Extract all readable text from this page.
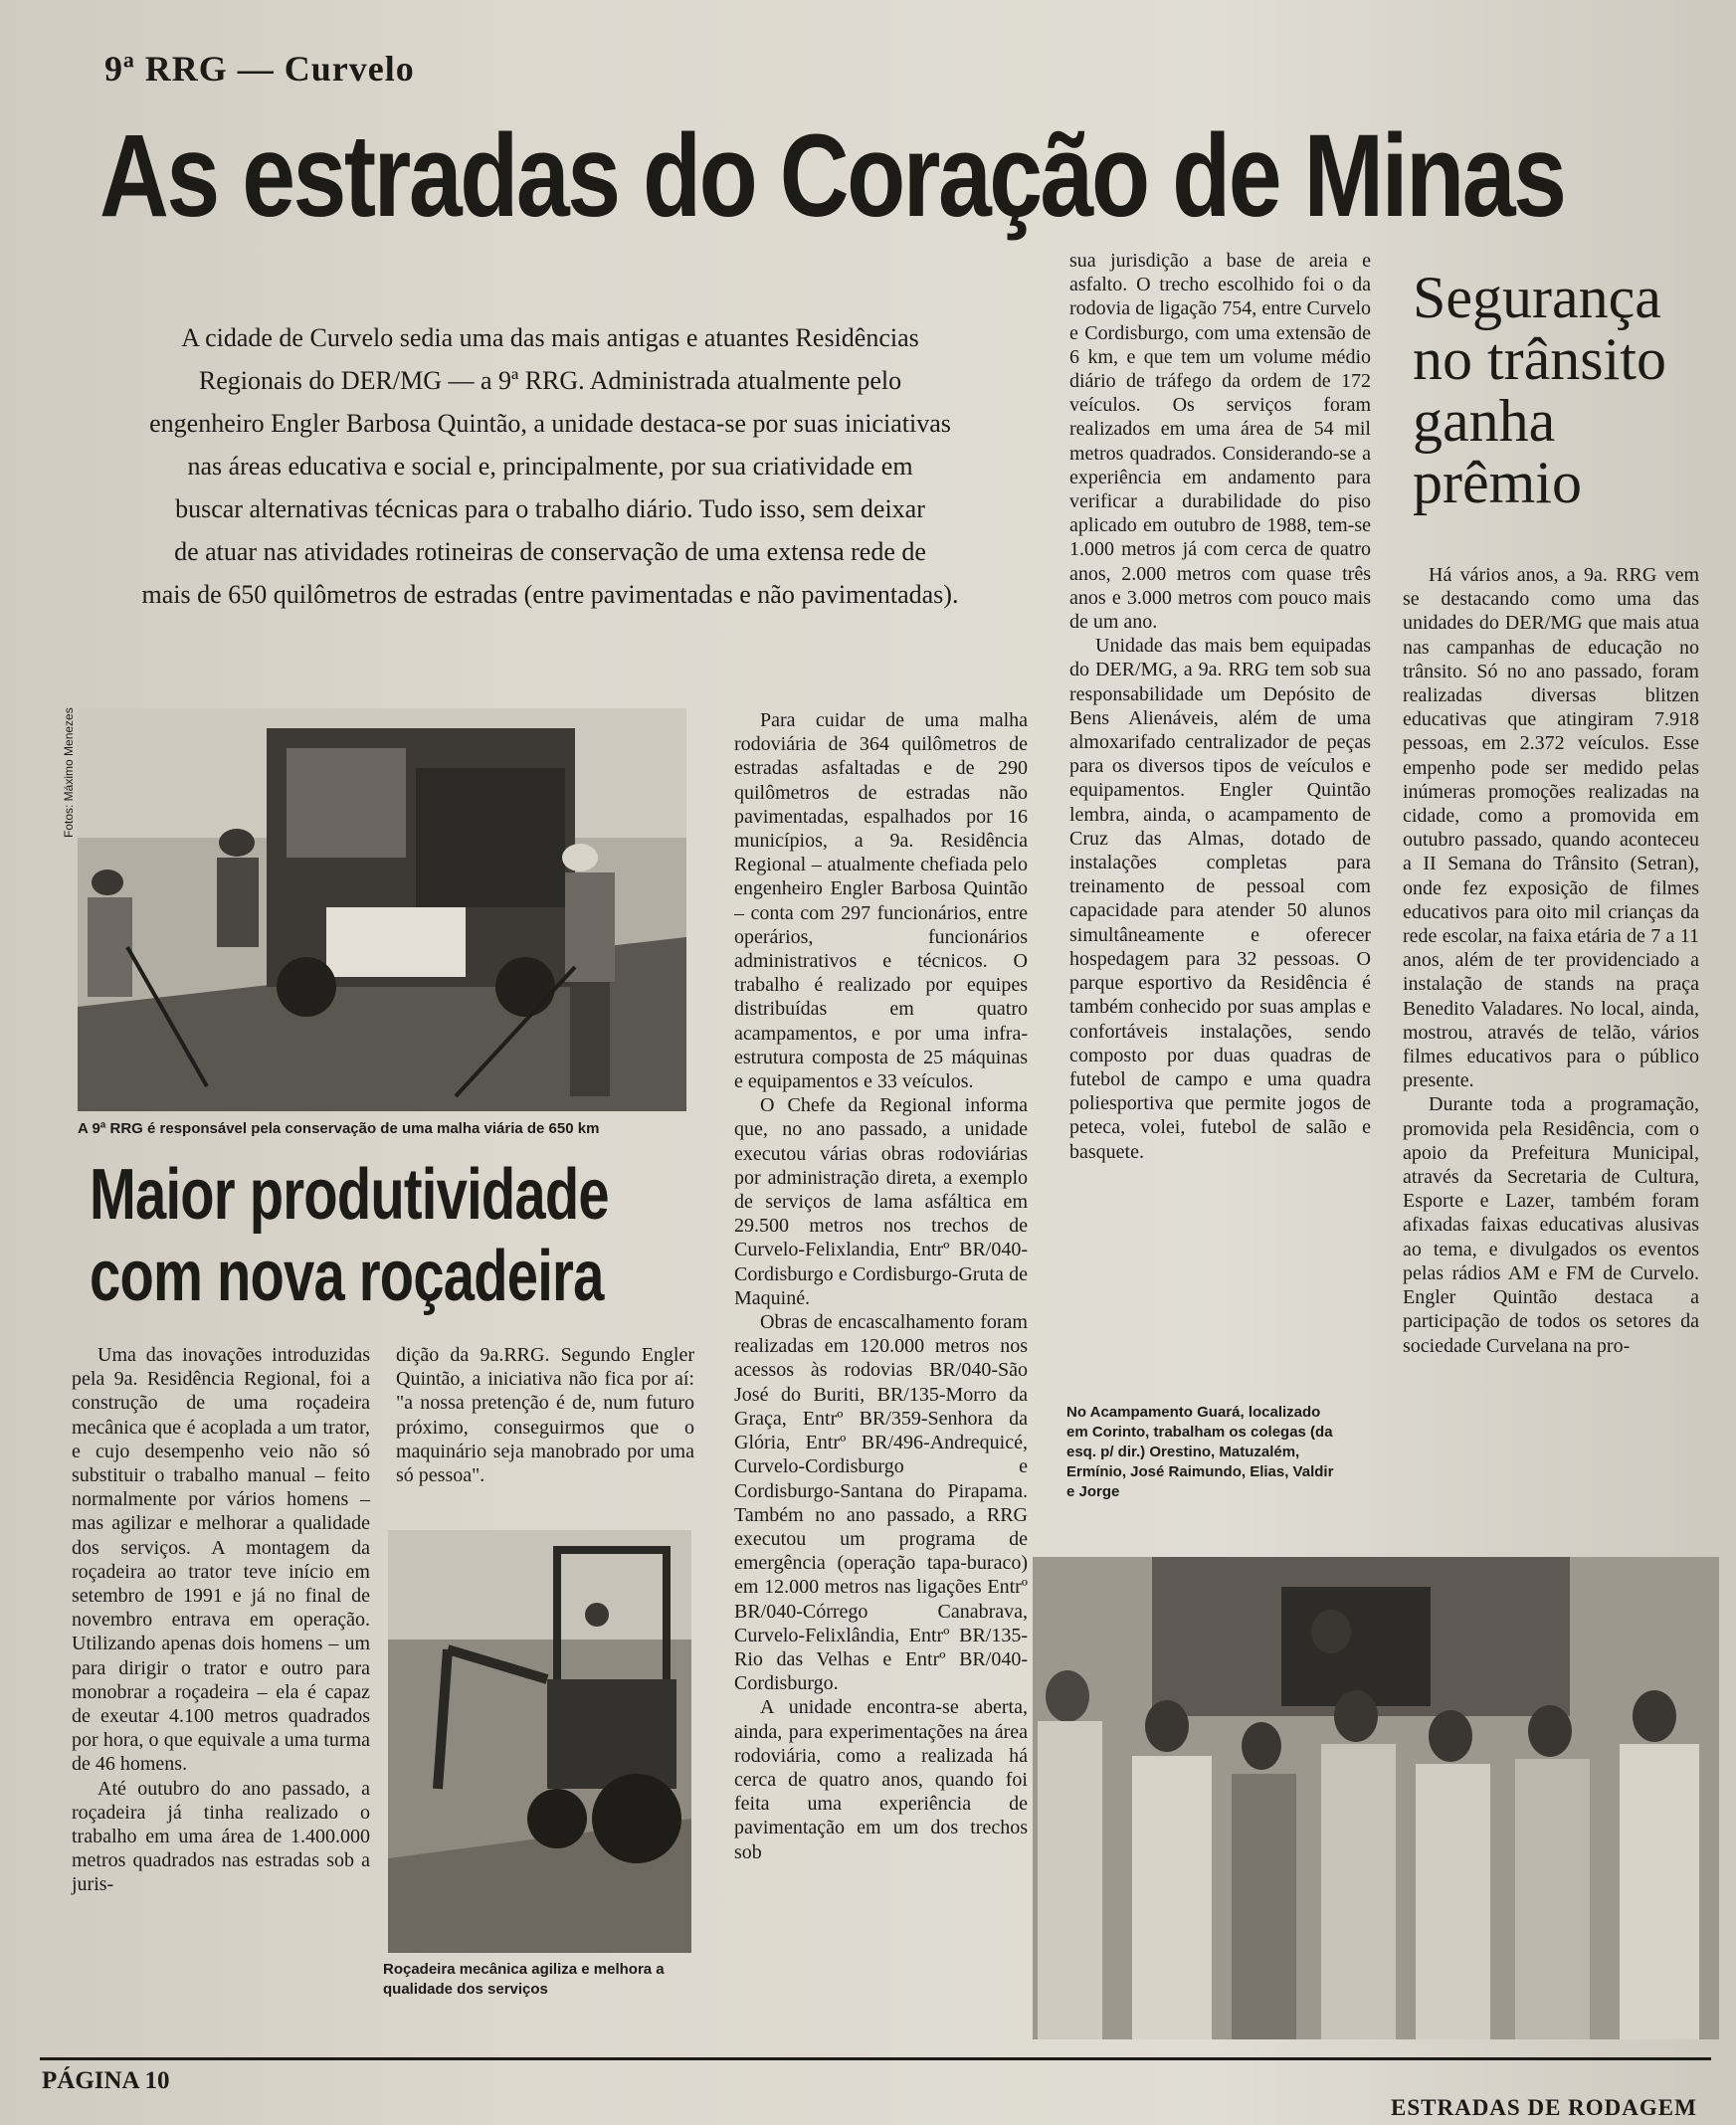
9ª RRG — Curvelo
As estradas do Coração de Minas

A cidade de Curvelo sedia uma das mais antigas e atuantes Residências

Regionais do DER/MG — a 9ª RRG. Administrada atualmente pelo

engenheiro Engler Barbosa Quintão, a unidade destaca-se por suas iniciativas

nas áreas educativa e social e, principalmente, por sua criatividade em

buscar alternativas técnicas para o trabalho diário. Tudo isso, sem deixar

de atuar nas atividades rotineiras de conservação de uma extensa rede de

mais de 650 quilômetros de estradas (entre pavimentadas e não pavimentadas).

Fotos: Máximo Menezes
A 9ª RRG é responsável pela conservação de uma malha viária de 650 km
Maior produtividade
com nova roçadeira

Uma das inovações introduzidas pela 9a. Residência Regional, foi a construção de uma roçadeira mecânica que é acoplada a um trator, e cujo desempenho veio não só substituir o trabalho manual – feito normalmente por vários homens – mas agilizar e melhorar a qualidade dos serviços. A montagem da roçadeira ao trator teve início em setembro de 1991 e já no final de novembro entrava em operação. Utilizando apenas dois homens – um para dirigir o trator e outro para monobrar a roçadeira – ela é capaz de exeutar 4.100 metros quadrados por hora, o que equivale a uma turma de 46 homens.

Até outubro do ano passado, a roçadeira já tinha realizado o trabalho em uma área de 1.400.000 metros quadrados nas estradas sob a juris-

dição da 9a.RRG. Segundo Engler Quintão, a iniciativa não fica por aí: "a nossa pretenção é de, num futuro próximo, conseguirmos que o maquinário seja manobrado por uma só pessoa".

Roçadeira mecânica agiliza e melhora a qualidade dos serviços

Para cuidar de uma malha rodoviária de 364 quilômetros de estradas asfaltadas e de 290 quilômetros de estradas não pavimentadas, espalhados por 16 municípios, a 9a. Residência Regional – atualmente chefiada pelo engenheiro Engler Barbosa Quintão – conta com 297 funcionários, entre operários, funcionários administrativos e técnicos. O trabalho é realizado por equipes distribuídas em quatro acampamentos, e por uma infra-estrutura composta de 25 máquinas e equipamentos e 33 veículos.

O Chefe da Regional informa que, no ano passado, a unidade executou várias obras rodoviárias por administração direta, a exemplo de serviços de lama asfáltica em 29.500 metros nos trechos de Curvelo-Felixlandia, Entrº BR/040-Cordisburgo e Cordisburgo-Gruta de Maquiné.

Obras de encascalhamento foram realizadas em 120.000 metros nos acessos às rodovias BR/040-São José do Buriti, BR/135-Morro da Graça, Entrº BR/359-Senhora da Glória, Entrº BR/496-Andrequicé, Curvelo-Cordisburgo e Cordisburgo-Santana do Pirapama. Também no ano passado, a RRG executou um programa de emergência (operação tapa-buraco) em 12.000 metros nas ligações Entrº BR/040-Córrego Canabrava, Curvelo-Felixlândia, Entrº BR/135-Rio das Velhas e Entrº BR/040-Cordisburgo.

A unidade encontra-se aberta, ainda, para experimentações na área rodoviária, como a realizada há cerca de quatro anos, quando foi feita uma experiência de pavimentação em um dos trechos sob

sua jurisdição a base de areia e asfalto. O trecho escolhido foi o da rodovia de ligação 754, entre Curvelo e Cordisburgo, com uma extensão de 6 km, e que tem um volume médio diário de tráfego da ordem de 172 veículos. Os serviços foram realizados em uma área de 54 mil metros quadrados. Considerando-se a experiência em andamento para verificar a durabilidade do piso aplicado em outubro de 1988, tem-se 1.000 metros já com cerca de quatro anos, 2.000 metros com quase três anos e 3.000 metros com pouco mais de um ano.

Unidade das mais bem equipadas do DER/MG, a 9a. RRG tem sob sua responsabilidade um Depósito de Bens Alienáveis, além de uma almoxarifado centralizador de peças para os diversos tipos de veículos e equipamentos. Engler Quintão lembra, ainda, o acampamento de Cruz das Almas, dotado de instalações completas para treinamento de pessoal com capacidade para atender 50 alunos simultâneamente e oferecer hospedagem para 32 pessoas. O parque esportivo da Residência é também conhecido por suas amplas e confortáveis instalações, sendo composto por duas quadras de futebol de campo e uma quadra poliesportiva que permite jogos de peteca, volei, futebol de salão e basquete.

No Acampamento Guará, localizado em Corinto, trabalham os colegas (da esq. p/ dir.) Orestino, Matuzalém, Ermínio, José Raimundo, Elias, Valdir e Jorge
Segurança
no trânsito
ganha
prêmio

Há vários anos, a 9a. RRG vem se destacando como uma das unidades do DER/MG que mais atua nas campanhas de educação no trânsito. Só no ano passado, foram realizadas diversas blitzen educativas que atingiram 7.918 pessoas, em 2.372 veículos. Esse empenho pode ser medido pelas inúmeras promoções realizadas na cidade, como a promovida em outubro passado, quando aconteceu a II Semana do Trânsito (Setran), onde fez exposição de filmes educativos para oito mil crianças da rede escolar, na faixa etária de 7 a 11 anos, além de ter providenciado a instalação de stands na praça Benedito Valadares. No local, ainda, mostrou, através de telão, vários filmes educativos para o público presente.

Durante toda a programação, promovida pela Residência, com o apoio da Prefeitura Municipal, através da Secretaria de Cultura, Esporte e Lazer, também foram afixadas faixas educativas alusivas ao tema, e divulgados os eventos pelas rádios AM e FM de Curvelo. Engler Quintão destaca a participação de todos os setores da sociedade Curvelana na pro-

PÁGINA 10
ESTRADAS DE RODAGEM
